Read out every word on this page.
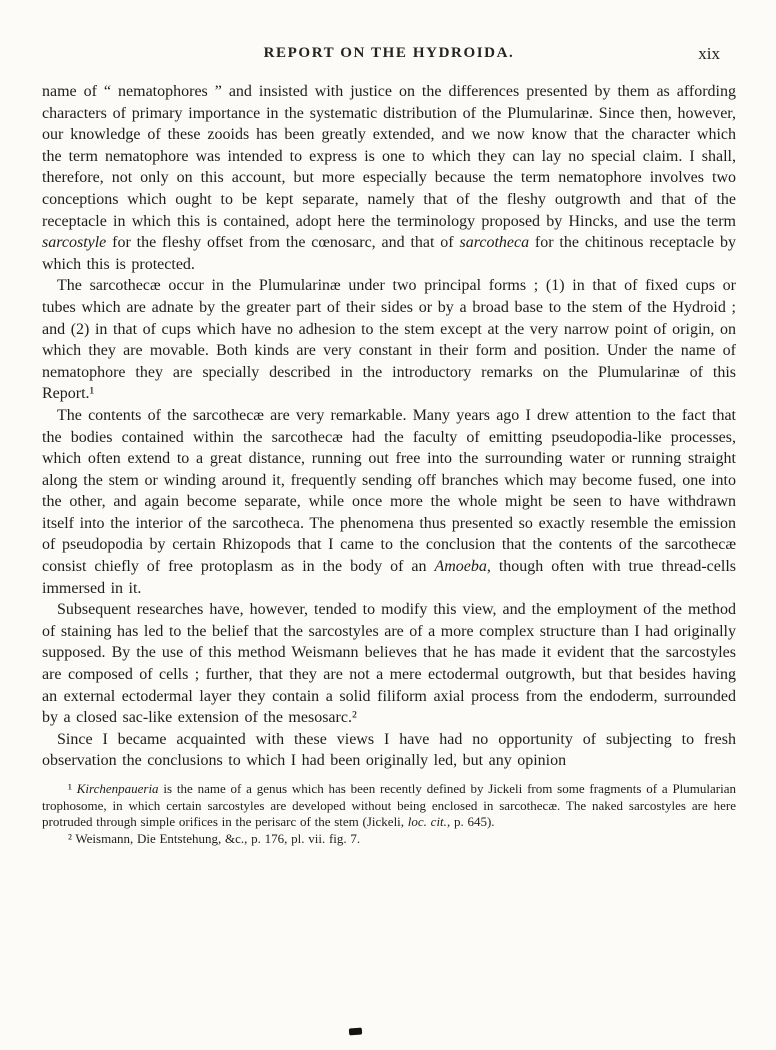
REPORT ON THE HYDROIDA.	xix

name of “ nematophores ” and insisted with justice on the differences presented by them as affording characters of primary importance in the systematic distribution of the Plumularinæ. Since then, however, our knowledge of these zooids has been greatly extended, and we now know that the character which the term nematophore was intended to express is one to which they can lay no special claim. I shall, therefore, not only on this account, but more especially because the term nematophore involves two conceptions which ought to be kept separate, namely that of the fleshy outgrowth and that of the receptacle in which this is contained, adopt here the terminology proposed by Hincks, and use the term sarcostyle for the fleshy offset from the cœnosarc, and that of sarcotheca for the chitinous receptacle by which this is protected.

The sarcothecæ occur in the Plumularinæ under two principal forms ; (1) in that of fixed cups or tubes which are adnate by the greater part of their sides or by a broad base to the stem of the Hydroid ; and (2) in that of cups which have no adhesion to the stem except at the very narrow point of origin, on which they are movable. Both kinds are very constant in their form and position. Under the name of nematophore they are specially described in the introductory remarks on the Plumularinæ of this Report.¹

The contents of the sarcothecæ are very remarkable. Many years ago I drew attention to the fact that the bodies contained within the sarcothecæ had the faculty of emitting pseudopodia-like processes, which often extend to a great distance, running out free into the surrounding water or running straight along the stem or winding around it, frequently sending off branches which may become fused, one into the other, and again become separate, while once more the whole might be seen to have withdrawn itself into the interior of the sarcotheca. The phenomena thus presented so exactly resemble the emission of pseudopodia by certain Rhizopods that I came to the conclusion that the contents of the sarcothecæ consist chiefly of free protoplasm as in the body of an Amoeba, though often with true thread-cells immersed in it.

Subsequent researches have, however, tended to modify this view, and the employment of the method of staining has led to the belief that the sarcostyles are of a more complex structure than I had originally supposed. By the use of this method Weismann believes that he has made it evident that the sarcostyles are composed of cells ; further, that they are not a mere ectodermal outgrowth, but that besides having an external ectodermal layer they contain a solid filiform axial process from the endoderm, surrounded by a closed sac-like extension of the mesosarc.²

Since I became acquainted with these views I have had no opportunity of subjecting to fresh observation the conclusions to which I had been originally led, but any opinion

¹ Kirchenpaueria is the name of a genus which has been recently defined by Jickeli from some fragments of a Plumularian trophosome, in which certain sarcostyles are developed without being enclosed in sarcothecæ. The naked sarcostyles are here protruded through simple orifices in the perisarc of the stem (Jickeli, loc. cit., p. 645).

² Weismann, Die Entstehung, &c., p. 176, pl. vii. fig. 7.
